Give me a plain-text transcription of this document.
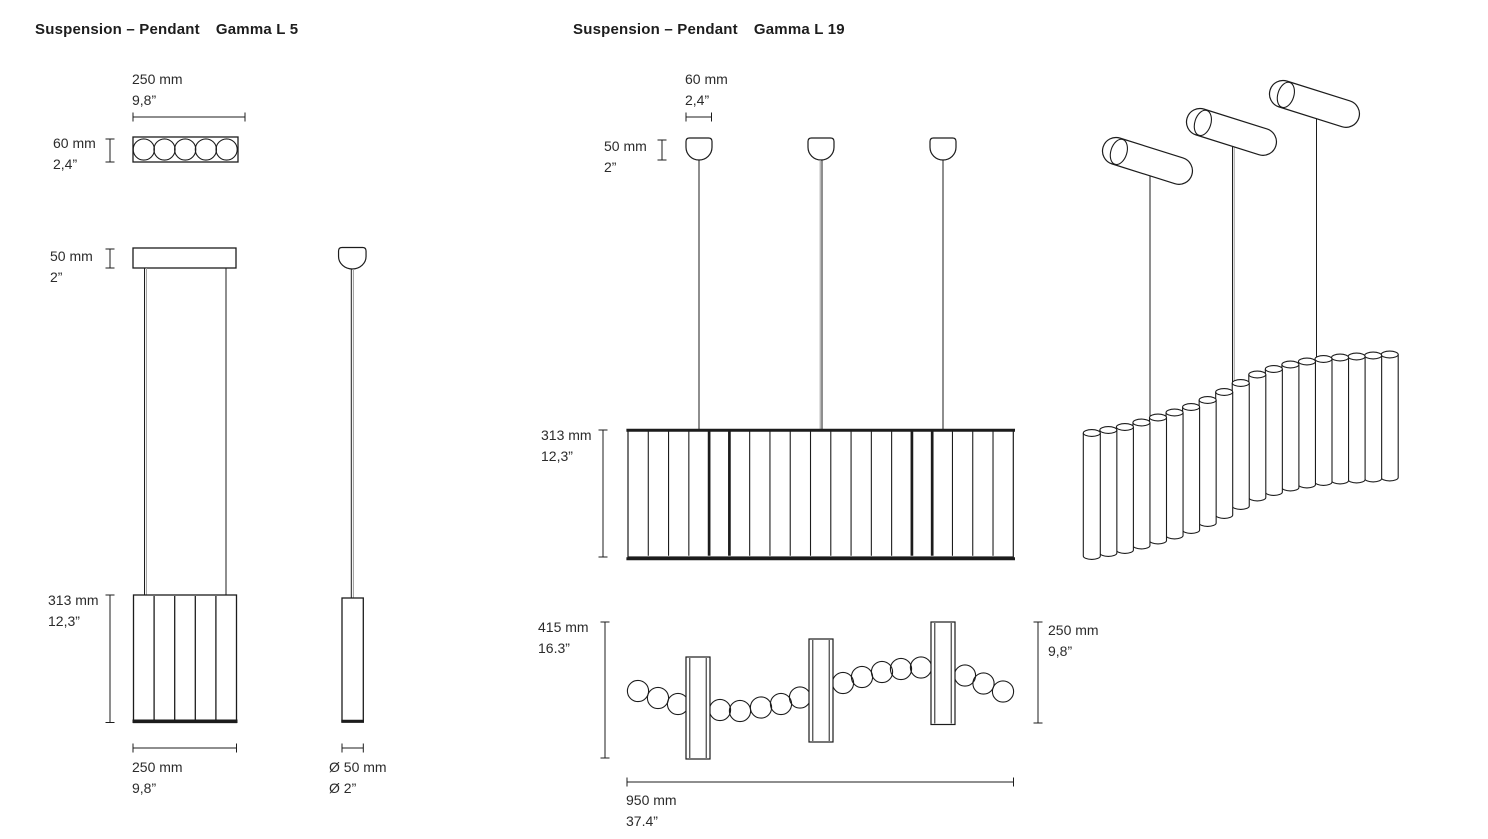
Suspension – Pendant Gamma L 5
250 mm
9,8”
60 mm
2,4”
50 mm
2”
313 mm
12,3”
250 mm
9,8”
Ø 50 mm
Ø 2”
Suspension – Pendant Gamma L 19
60 mm
2,4”
50 mm
2”
313 mm
12,3”
415 mm
16.3”
250 mm
9,8”
950 mm
37.4”
